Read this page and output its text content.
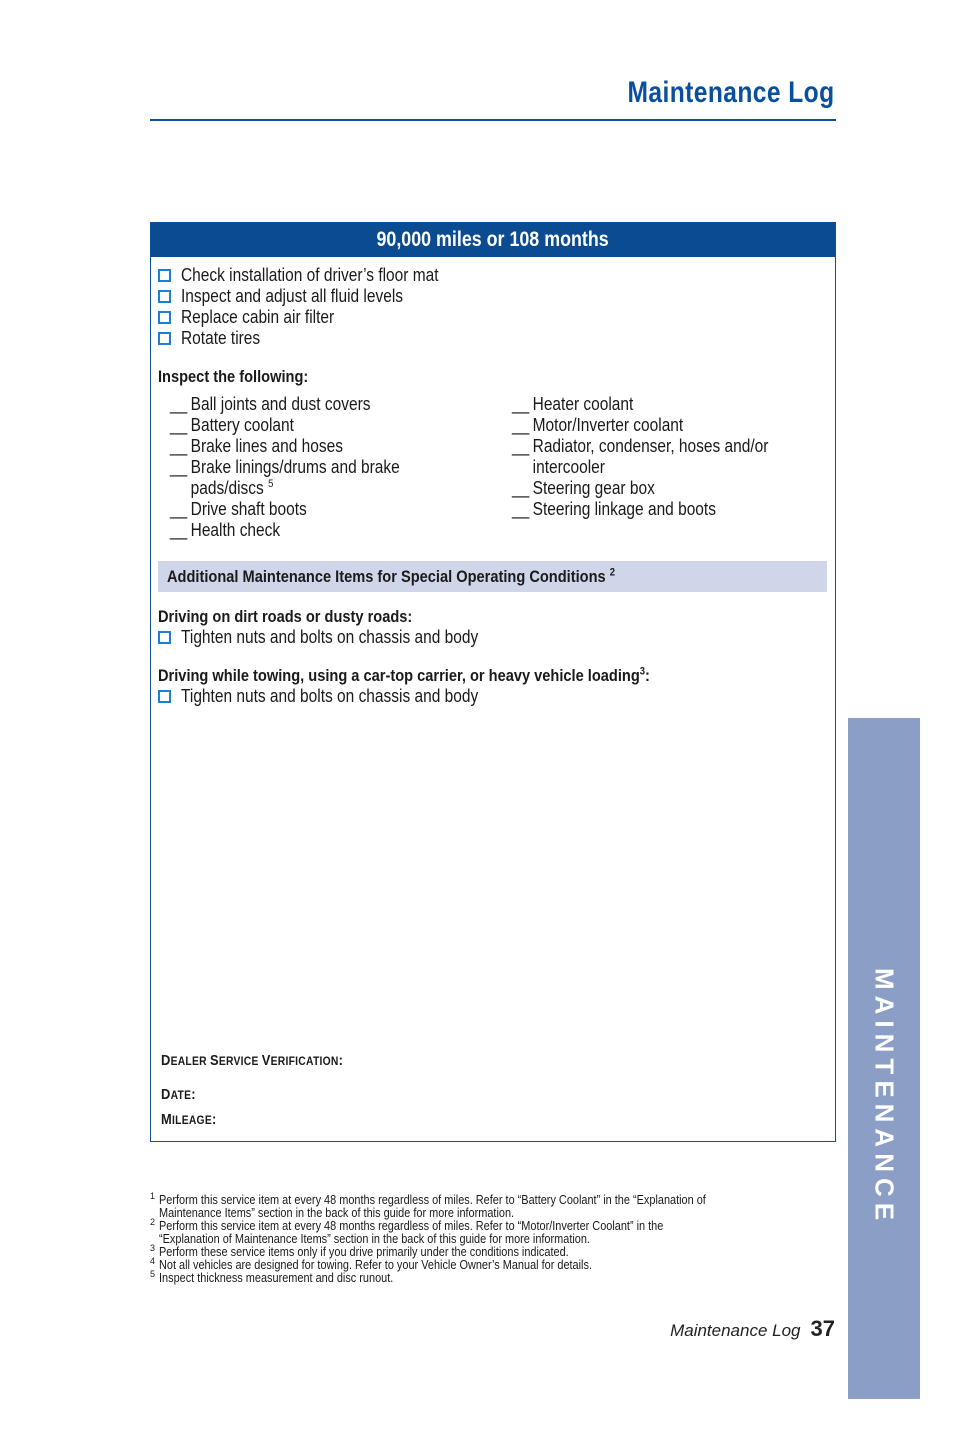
Maintenance Log
90,000 miles or 108 months
Check installation of driver’s floor mat
Inspect and adjust all fluid levels
Replace cabin air filter
Rotate tires
Inspect the following:
__ Ball joints and dust covers
__ Battery coolant
__ Brake lines and hoses
__ Brake linings/drums and brake
pads/discs $^5$
__ Drive shaft boots
__ Health check
__ Heater coolant
__ Motor/Inverter coolant
__ Radiator, condenser, hoses and/or
intercooler
__ Steering gear box
__ Steering linkage and boots
Additional Maintenance Items for Special Operating Conditions $^2$
Driving on dirt roads or dusty roads:
Tighten nuts and bolts on chassis and body
Driving while towing, using a car-top carrier, or heavy vehicle loading$^3$:
Tighten nuts and bolts on chassis and body
DEALER SERVICE VERIFICATION:
DATE:
MILEAGE:
1 Perform this service item at every 48 months regardless of miles. Refer to “Battery Coolant” in the “Explanation of
Maintenance Items” section in the back of this guide for more information.
2 Perform this service item at every 48 months regardless of miles. Refer to “Motor/Inverter Coolant” in the
“Explanation of Maintenance Items” section in the back of this guide for more information.
3 Perform these service items only if you drive primarily under the conditions indicated.
4 Not all vehicles are designed for towing. Refer to your Vehicle Owner’s Manual for details.
5 Inspect thickness measurement and disc runout.
Maintenance Log 37
MAINTENANCE
